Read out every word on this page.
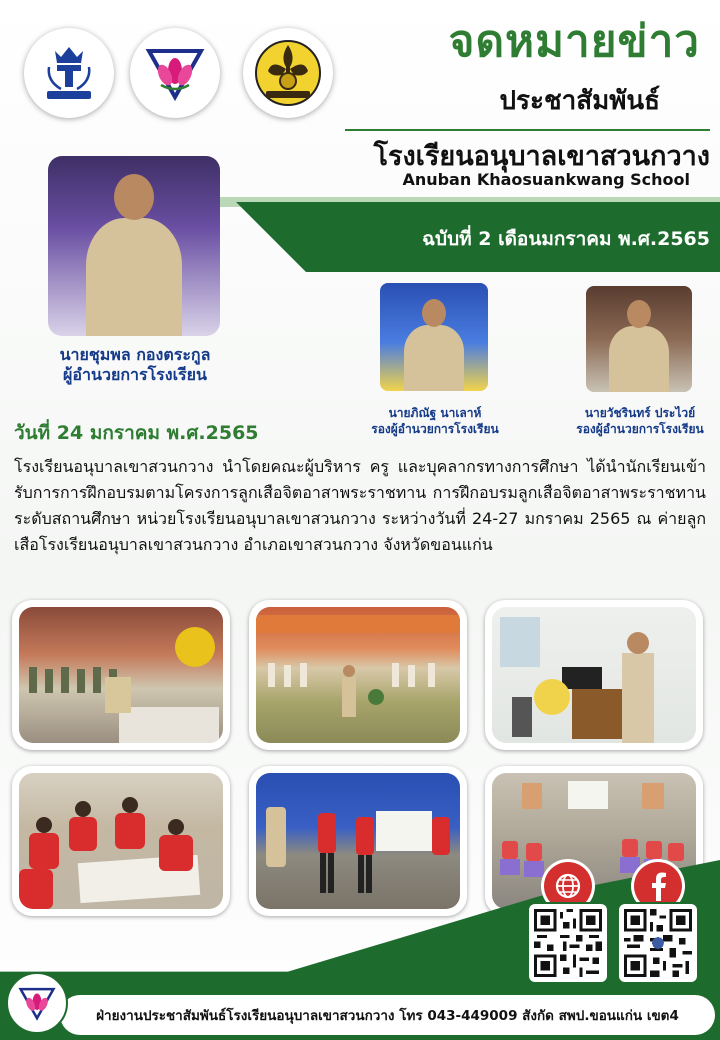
จดหมายข่าว
ประชาสัมพันธ์
โรงเรียนอนุบาลเขาสวนกวาง
Anuban Khaosuankwang School
ฉบับที่ 2 เดือนมกราคม พ.ศ.2565
นายชุมพล กองตระกูล
ผู้อำนวยการโรงเรียน
นายภิณัฐ นาเลาห์
รองผู้อำนวยการโรงเรียน
นายวัชรินทร์ ประไวย์
รองผู้อำนวยการโรงเรียน
วันที่ 24 มกราคม พ.ศ.2565
โรงเรียนอนุบาลเขาสวนกวาง นำโดยคณะผู้บริหาร ครู และบุคลากรทางการศึกษา ได้นำนักเรียนเข้ารับการการฝึกอบรมตามโครงการลูกเสือจิตอาสาพระราชทาน การฝึกอบรมลูกเสือจิตอาสาพระราชทาน ระดับสถานศึกษา หน่วยโรงเรียนอนุบาลเขาสวนกวาง ระหว่างวันที่ 24-27 มกราคม 2565 ณ ค่ายลูกเสือโรงเรียนอนุบาลเขาสวนกวาง อำเภอเขาสวนกวาง จังหวัดขอนแก่น
ฝ่ายงานประชาสัมพันธ์โรงเรียนอนุบาลเขาสวนกวาง โทร 043-449009 สังกัด สพป.ขอนแก่น เขต4
